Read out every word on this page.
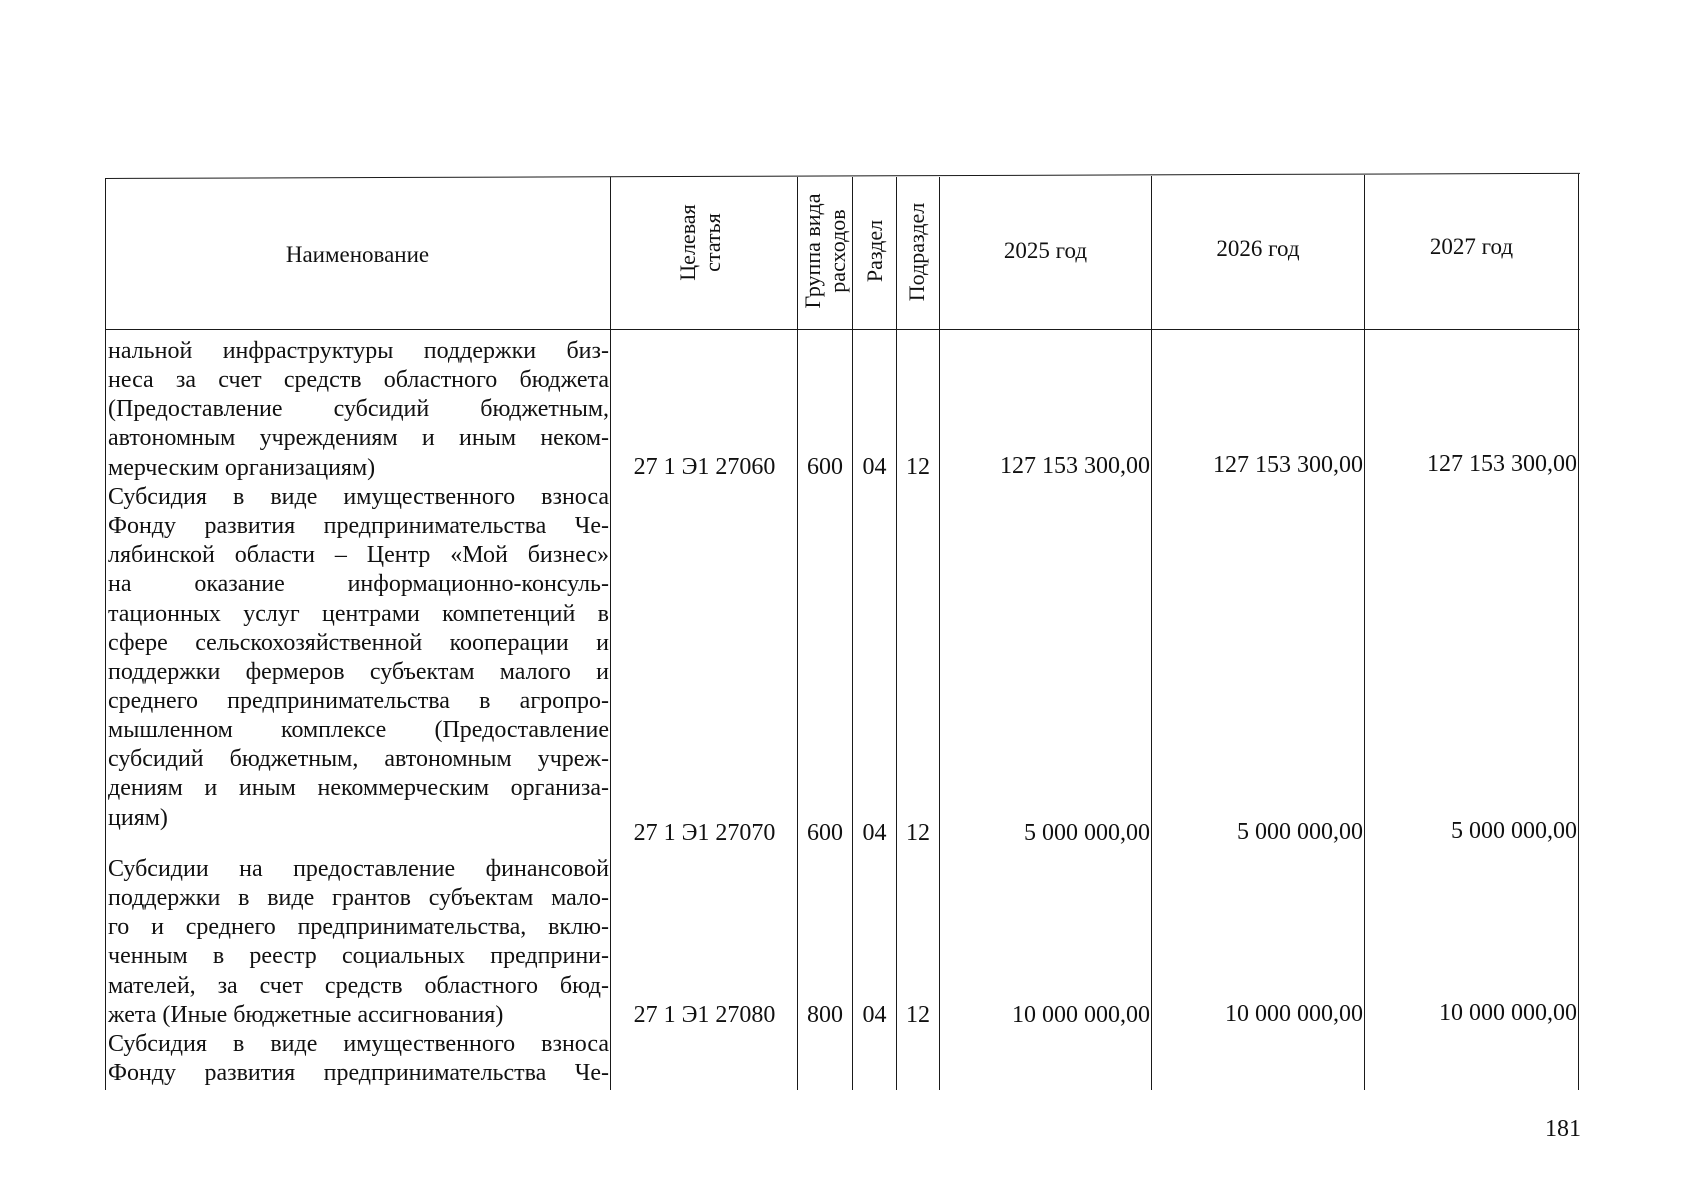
Наименование	Целевая статья	Группа вида расходов Раздел Подраздел	2025 год	2026 год	2027 год
нальной инфраструктуры поддержки биз-
неса за счет средств областного бюджета
(Предоставление субсидий бюджетным,
автономным учреждениям и иным неком-
мерческим организациям)	27 1 Э1 27060	600 04 12	127 153 300,00	127 153 300,00	127 153 300,00
Субсидия в виде имущественного взноса
Фонду развития предпринимательства Че-
лябинской области – Центр «Мой бизнес»
на оказание информационно-консуль-
тационных услуг центрами компетенций в
сфере сельскохозяйственной кооперации и
поддержки фермеров субъектам малого и
среднего предпринимательства в агропро-
мышленном комплексе (Предоставление
субсидий бюджетным, автономным учреж-
дениям и иным некоммерческим организа-
циям)
27 1 Э1 27070	600 04 12	5 000 000,00	5 000 000,00	5 000 000,00
Субсидии на предоставление финансовой
поддержки в виде грантов субъектам мало-
го и среднего предпринимательства, вклю-
ченным в реестр социальных предприни-
мателей, за счет средств областного бюд-
жета (Иные бюджетные ассигнования)	27 1 Э1 27080	800 04 12	10 000 000,00	10 000 000,00	10 000 000,00
Субсидия в виде имущественного взноса
Фонду развития предпринимательства Че-
181
